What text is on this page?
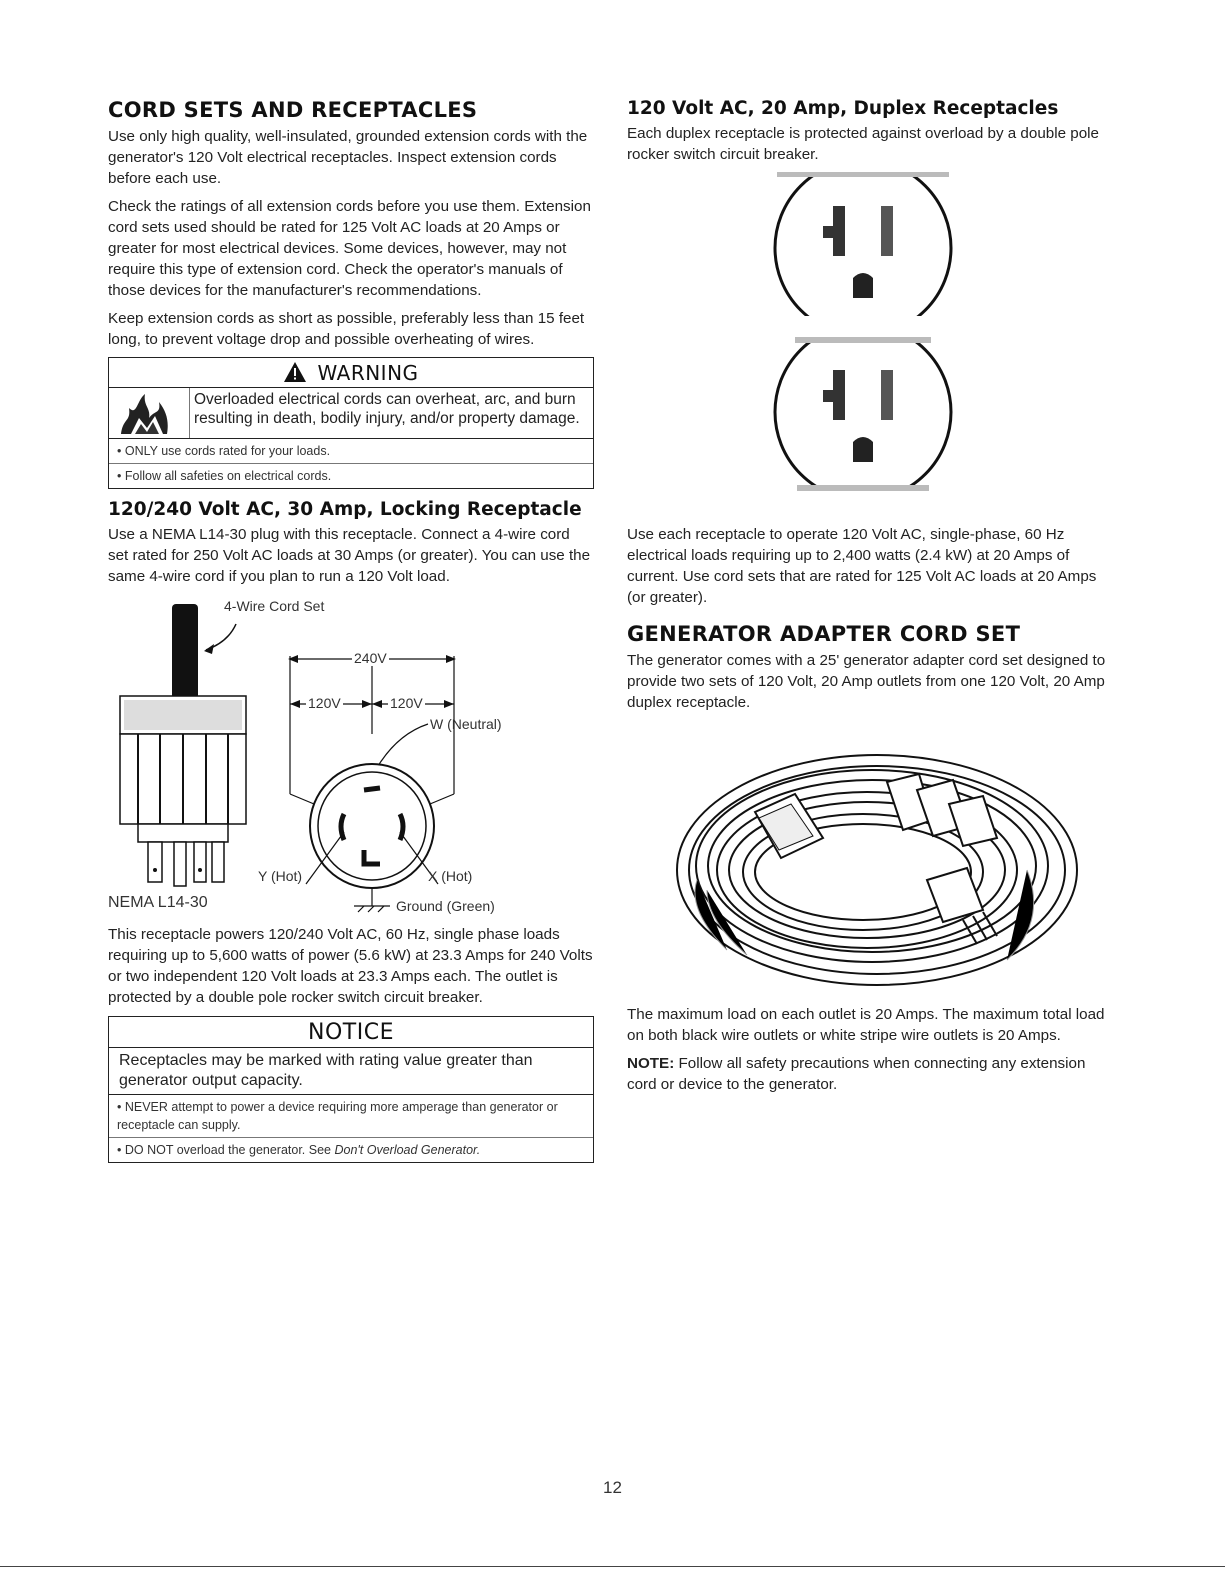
CORD SETS AND RECEPTACLES

Use only high quality, well-insulated, grounded extension cords with the generator's 120 Volt electrical receptacles. Inspect extension cords before each use.

Check the ratings of all extension cords before you use them. Extension cord sets used should be rated for 125 Volt AC loads at 20 Amps or greater for most electrical devices. Some devices, however, may not require this type of extension cord. Check the operator's manuals of those devices for the manufacturer's recommendations.

Keep extension cords as short as possible, preferably less than 15 feet long, to prevent voltage drop and possible overheating of wires.

WARNING
Overloaded electrical cords can overheat, arc, and burn resulting in death, bodily injury, and/or property damage.
• ONLY use cords rated for your loads.
• Follow all safeties on electrical cords.
120/240 Volt AC, 30 Amp, Locking Receptacle

Use a NEMA L14-30 plug with this receptacle. Connect a 4-wire cord set rated for 250 Volt AC loads at 30 Amps (or greater). You can use the same 4-wire cord if you plan to run a 120 Volt load.

4-Wire Cord Set
240V
120V	120V
W (Neutral)
Y (Hot)	X (Hot)
Ground (Green)
NEMA L14-30

This receptacle powers 120/240 Volt AC, 60 Hz, single phase loads requiring up to 5,600 watts of power (5.6 kW) at 23.3 Amps for 240 Volts or two independent 120 Volt loads at 23.3 Amps each. The outlet is protected by a double pole rocker switch circuit breaker.

NOTICE
Receptacles may be marked with rating value greater than generator output capacity.
• NEVER attempt to power a device requiring more amperage than generator or receptacle can supply.
• DO NOT overload the generator. See Don't Overload Generator.
120 Volt AC, 20 Amp, Duplex Receptacles

Each duplex receptacle is protected against overload by a double pole rocker switch circuit breaker.

Use each receptacle to operate 120 Volt AC, single-phase, 60 Hz electrical loads requiring up to 2,400 watts (2.4 kW) at 20 Amps of current. Use cord sets that are rated for 125 Volt AC loads at 20 Amps (or greater).

GENERATOR ADAPTER CORD SET

The generator comes with a 25' generator adapter cord set designed to provide two sets of 120 Volt, 20 Amp outlets from one 120 Volt, 20 Amp duplex receptacle.

The maximum load on each outlet is 20 Amps. The maximum total load on both black wire outlets or white stripe wire outlets is 20 Amps.

NOTE: Follow all safety precautions when connecting any extension cord or device to the generator.

12
